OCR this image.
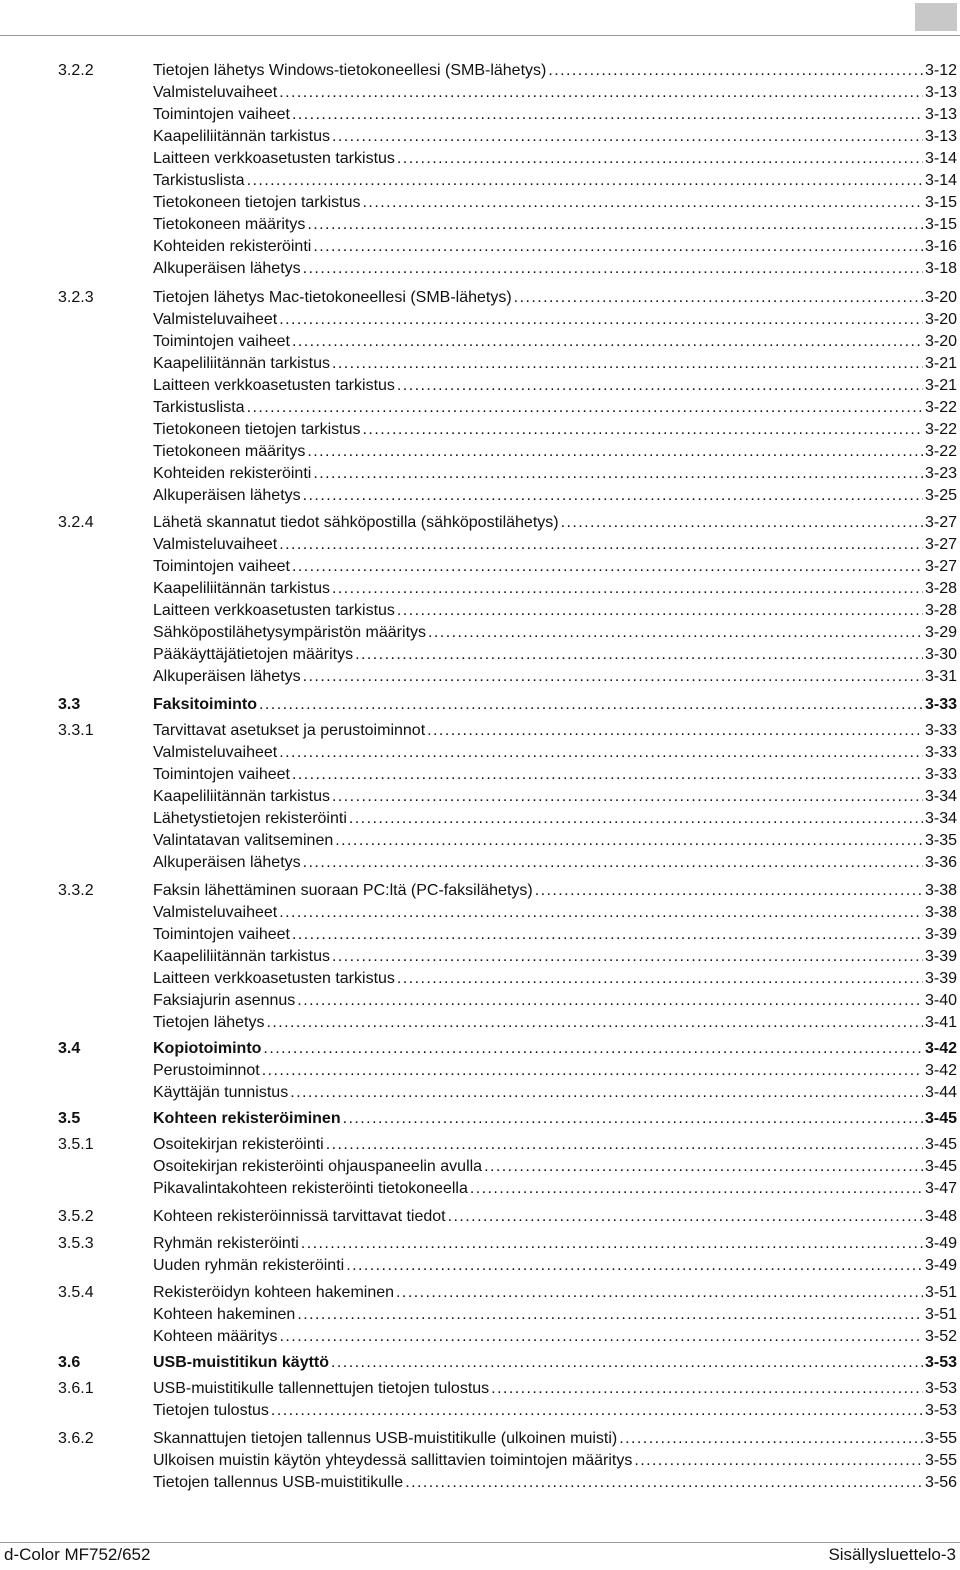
3.2.2	Tietojen lähetys Windows-tietokoneellesi (SMB-lähetys) . . .	3-12
Valmisteluvaiheet . . .	3-13
Toimintojen vaiheet . . .	3-13
Kaapeliliitännän tarkistus . . .	3-13
Laitteen verkkoasetusten tarkistus . . .	3-14
Tarkistuslista . . .	3-14
Tietokoneen tietojen tarkistus . . .	3-15
Tietokoneen määritys . . .	3-15
Kohteiden rekisteröinti . . .	3-16
Alkuperäisen lähetys . . .	3-18
3.2.3	Tietojen lähetys Mac-tietokoneellesi (SMB-lähetys) . . .	3-20
Valmisteluvaiheet . . .	3-20
Toimintojen vaiheet . . .	3-20
Kaapeliliitännän tarkistus . . .	3-21
Laitteen verkkoasetusten tarkistus . . .	3-21
Tarkistuslista . . .	3-22
Tietokoneen tietojen tarkistus . . .	3-22
Tietokoneen määritys . . .	3-22
Kohteiden rekisteröinti . . .	3-23
Alkuperäisen lähetys . . .	3-25
3.2.4	Lähetä skannatut tiedot sähköpostilla (sähköpostilähetys) . . .	3-27
Valmisteluvaiheet . . .	3-27
Toimintojen vaiheet . . .	3-27
Kaapeliliitännän tarkistus . . .	3-28
Laitteen verkkoasetusten tarkistus . . .	3-28
Sähköpostilähetysympäristön määritys . . .	3-29
Pääkäyttäjätietojen määritys . . .	3-30
Alkuperäisen lähetys . . .	3-31
3.3	Faksitoiminto . . .	3-33
3.3.1	Tarvittavat asetukset ja perustoiminnot . . .	3-33
Valmisteluvaiheet . . .	3-33
Toimintojen vaiheet . . .	3-33
Kaapeliliitännän tarkistus . . .	3-34
Lähetystietojen rekisteröinti . . .	3-34
Valintatavan valitseminen . . .	3-35
Alkuperäisen lähetys . . .	3-36
3.3.2	Faksin lähettäminen suoraan PC:ltä (PC-faksilähetys) . . .	3-38
Valmisteluvaiheet . . .	3-38
Toimintojen vaiheet . . .	3-39
Kaapeliliitännän tarkistus . . .	3-39
Laitteen verkkoasetusten tarkistus . . .	3-39
Faksiajurin asennus . . .	3-40
Tietojen lähetys . . .	3-41
3.4	Kopiotoiminto . . .	3-42
Perustoiminnot . . .	3-42
Käyttäjän tunnistus . . .	3-44
3.5	Kohteen rekisteröiminen . . .	3-45
3.5.1	Osoitekirjan rekisteröinti . . .	3-45
Osoitekirjan rekisteröinti ohjauspaneelin avulla . . .	3-45
Pikavalintakohteen rekisteröinti tietokoneella . . .	3-47
3.5.2	Kohteen rekisteröinnissä tarvittavat tiedot . . .	3-48
3.5.3	Ryhmän rekisteröinti . . .	3-49
Uuden ryhmän rekisteröinti . . .	3-49
3.5.4	Rekisteröidyn kohteen hakeminen . . .	3-51
Kohteen hakeminen . . .	3-51
Kohteen määritys . . .	3-52
3.6	USB-muistitikun käyttö . . .	3-53
3.6.1	USB-muistitikulle tallennettujen tietojen tulostus . . .	3-53
Tietojen tulostus . . .	3-53
3.6.2	Skannattujen tietojen tallennus USB-muistitikulle (ulkoinen muisti) . . .	3-55
Ulkoisen muistin käytön yhteydessä sallittavien toimintojen määritys . . .	3-55
Tietojen tallennus USB-muistitikulle . . .	3-56
d-Color MF752/652	Sisällysluettelo-3
